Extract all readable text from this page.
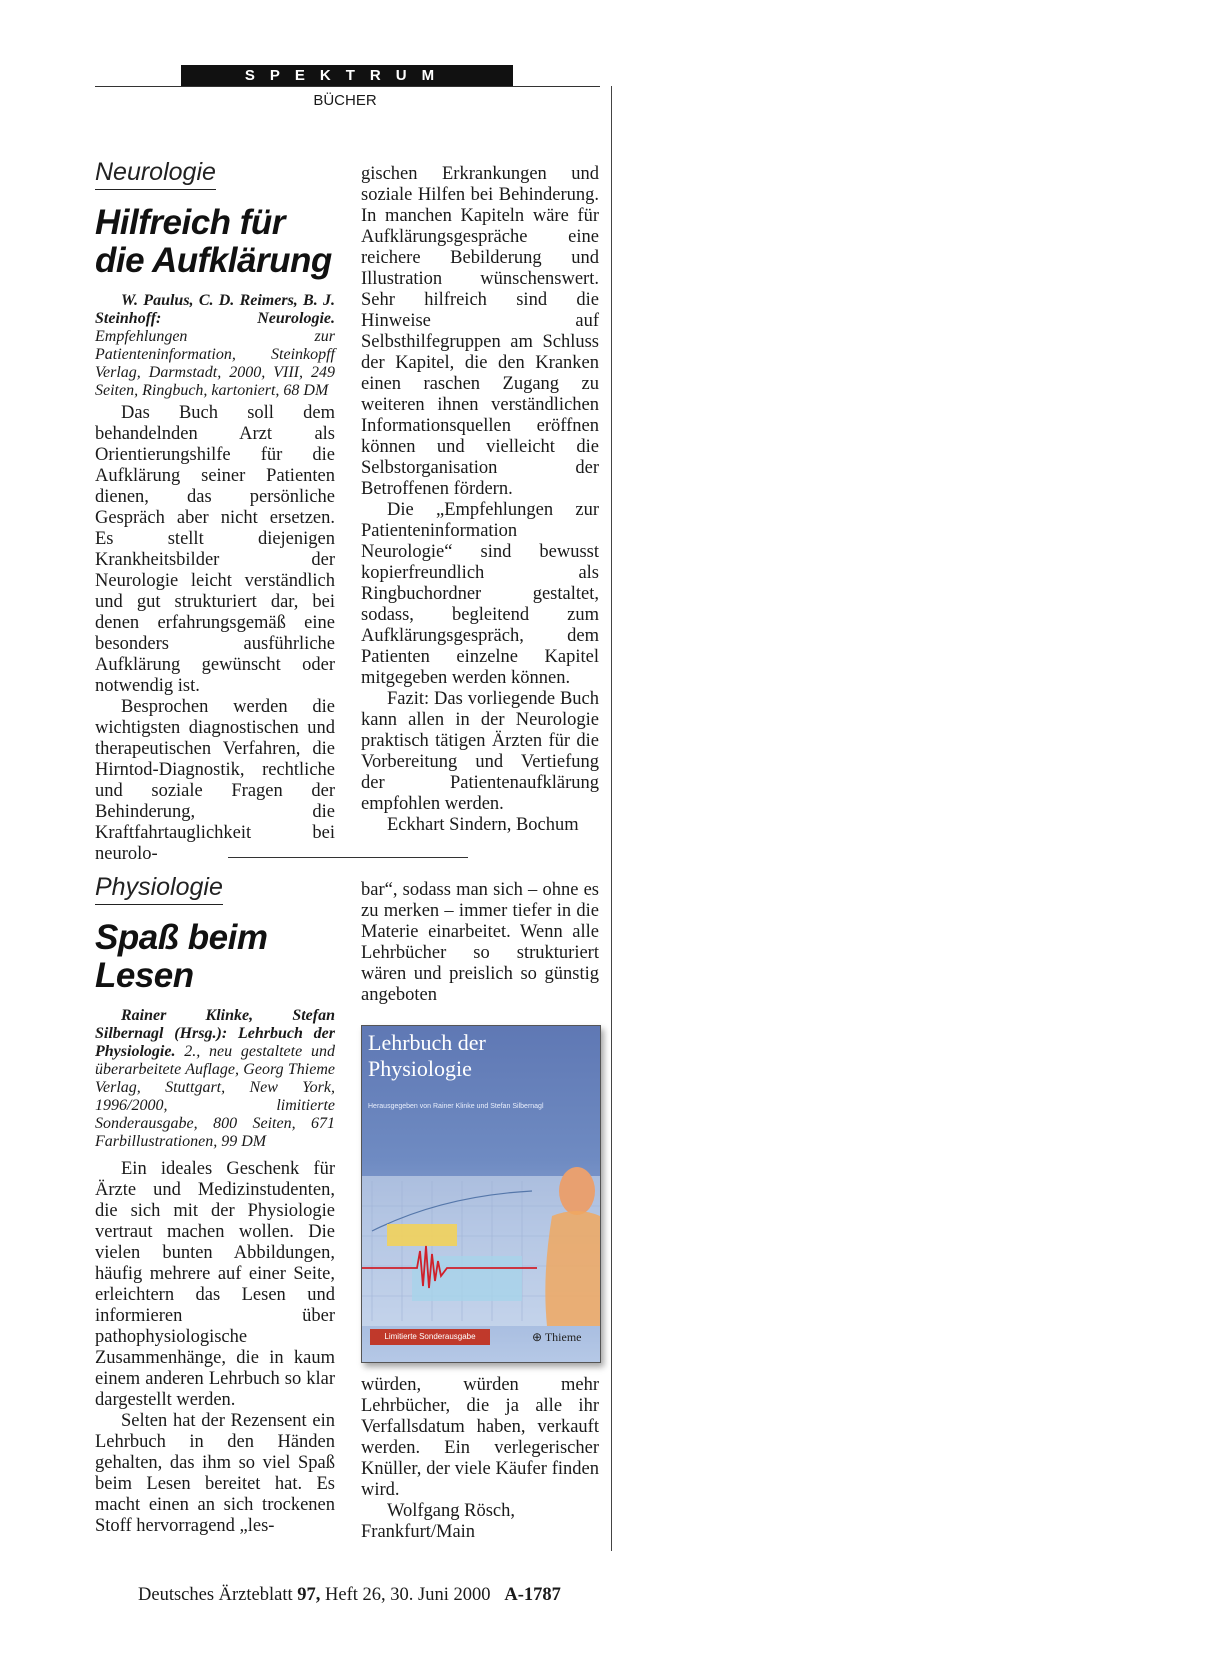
SPEKTRUM
BÜCHER
Neurologie
Hilfreich für
die Aufklärung
W. Paulus, C. D. Reimers, B. J. Steinhoff: Neurologie. Empfehlungen zur Patienteninformation, Steinkopff Verlag, Darmstadt, 2000, VIII, 249 Seiten, Ringbuch, kartoniert, 68 DM

Das Buch soll dem behandelnden Arzt als Orientierungshilfe für die Aufklärung seiner Patienten dienen, das persönliche Gespräch aber nicht ersetzen. Es stellt diejenigen Krankheitsbilder der Neurologie leicht verständlich und gut strukturiert dar, bei denen erfahrungsgemäß eine besonders ausführliche Aufklärung gewünscht oder notwendig ist.

Besprochen werden die wichtigsten diagnostischen und therapeutischen Verfahren, die Hirntod-Diagnostik, rechtliche und soziale Fragen der Behinderung, die Kraftfahrtauglichkeit bei neurolo-

gischen Erkrankungen und soziale Hilfen bei Behinderung. In manchen Kapiteln wäre für Aufklärungsgespräche eine reichere Bebilderung und Illustration wünschenswert. Sehr hilfreich sind die Hinweise auf Selbsthilfegruppen am Schluss der Kapitel, die den Kranken einen raschen Zugang zu weiteren ihnen verständlichen Informationsquellen eröffnen können und vielleicht die Selbstorganisation der Betroffenen fördern.

Die „Empfehlungen zur Patienteninformation Neurologie“ sind bewusst kopierfreundlich als Ringbuchordner gestaltet, sodass, begleitend zum Aufklärungsgespräch, dem Patienten einzelne Kapitel mitgegeben werden können.

Fazit: Das vorliegende Buch kann allen in der Neurologie praktisch tätigen Ärzten für die Vorbereitung und Vertiefung der Patientenaufklärung empfohlen werden.

Eckhart Sindern, Bochum

Physiologie
Spaß beim
Lesen
Rainer Klinke, Stefan Silbernagl (Hrsg.): Lehrbuch der Physiologie. 2., neu gestaltete und überarbeitete Auflage, Georg Thieme Verlag, Stuttgart, New York, 1996/2000, limitierte Sonderausgabe, 800 Seiten, 671 Farbillustrationen, 99 DM

Ein ideales Geschenk für Ärzte und Medizinstudenten, die sich mit der Physiologie vertraut machen wollen. Die vielen bunten Abbildungen, häufig mehrere auf einer Seite, erleichtern das Lesen und informieren über pathophysiologische Zusammenhänge, die in kaum einem anderen Lehrbuch so klar dargestellt werden.

Selten hat der Rezensent ein Lehrbuch in den Händen gehalten, das ihm so viel Spaß beim Lesen bereitet hat. Es macht einen an sich trockenen Stoff hervorragend „les-

bar“, sodass man sich – ohne es zu merken – immer tiefer in die Materie einarbeitet. Wenn alle Lehrbücher so strukturiert wären und preislich so günstig angeboten

Lehrbuch der
Physiologie
Herausgegeben von Rainer Klinke und Stefan Silbernagl
Limitierte Sonderausgabe	⊕ Thieme

würden, würden mehr Lehrbücher, die ja alle ihr Verfallsdatum haben, verkauft werden. Ein verlegerischer Knüller, der viele Käufer finden wird.

Wolfgang Rösch,
Frankfurt/Main

Deutsches Ärzteblatt 97, Heft 26, 30. Juni 2000 A-1787
